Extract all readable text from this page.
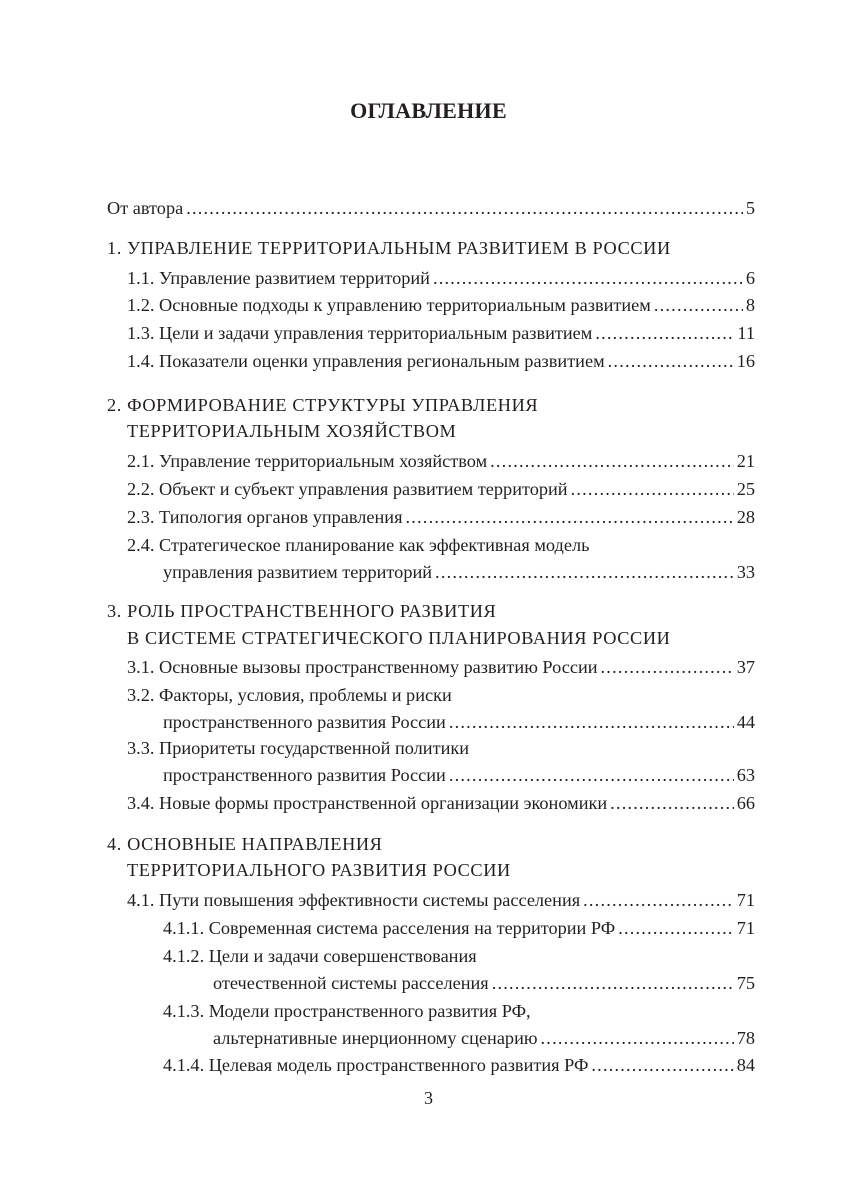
ОГЛАВЛЕНИЕ
От автора .....	5
1. УПРАВЛЕНИЕ ТЕРРИТОРИАЛЬНЫМ РАЗВИТИЕМ В РОССИИ
1.1. Управление развитием территорий .....	6
1.2. Основные подходы к управлению территориальным развитием .....	8
1.3. Цели и задачи управления территориальным развитием .....	11
1.4. Показатели оценки управления региональным развитием .....	16
2. ФОРМИРОВАНИЕ СТРУКТУРЫ УПРАВЛЕНИЯ
ТЕРРИТОРИАЛЬНЫМ ХОЗЯЙСТВОМ
2.1. Управление территориальным хозяйством .....	21
2.2. Объект и субъект управления развитием территорий .....	25
2.3. Типология органов управления .....	28
2.4. Стратегическое планирование как эффективная модель
управления развитием территорий .....	33
3. РОЛЬ ПРОСТРАНСТВЕННОГО РАЗВИТИЯ
В СИСТЕМЕ СТРАТЕГИЧЕСКОГО ПЛАНИРОВАНИЯ РОССИИ
3.1. Основные вызовы пространственному развитию России .....	37
3.2. Факторы, условия, проблемы и риски
пространственного развития России .....	44
3.3. Приоритеты государственной политики
пространственного развития России .....	63
3.4. Новые формы пространственной организации экономики .....	66
4. ОСНОВНЫЕ НАПРАВЛЕНИЯ
ТЕРРИТОРИАЛЬНОГО РАЗВИТИЯ РОССИИ
4.1. Пути повышения эффективности системы расселения .....	71
4.1.1. Современная система расселения на территории РФ .....	71
4.1.2. Цели и задачи совершенствования
отечественной системы расселения .....	75
4.1.3. Модели пространственного развития РФ,
альтернативные инерционному сценарию .....	78
4.1.4. Целевая модель пространственного развития РФ .....	84
3
